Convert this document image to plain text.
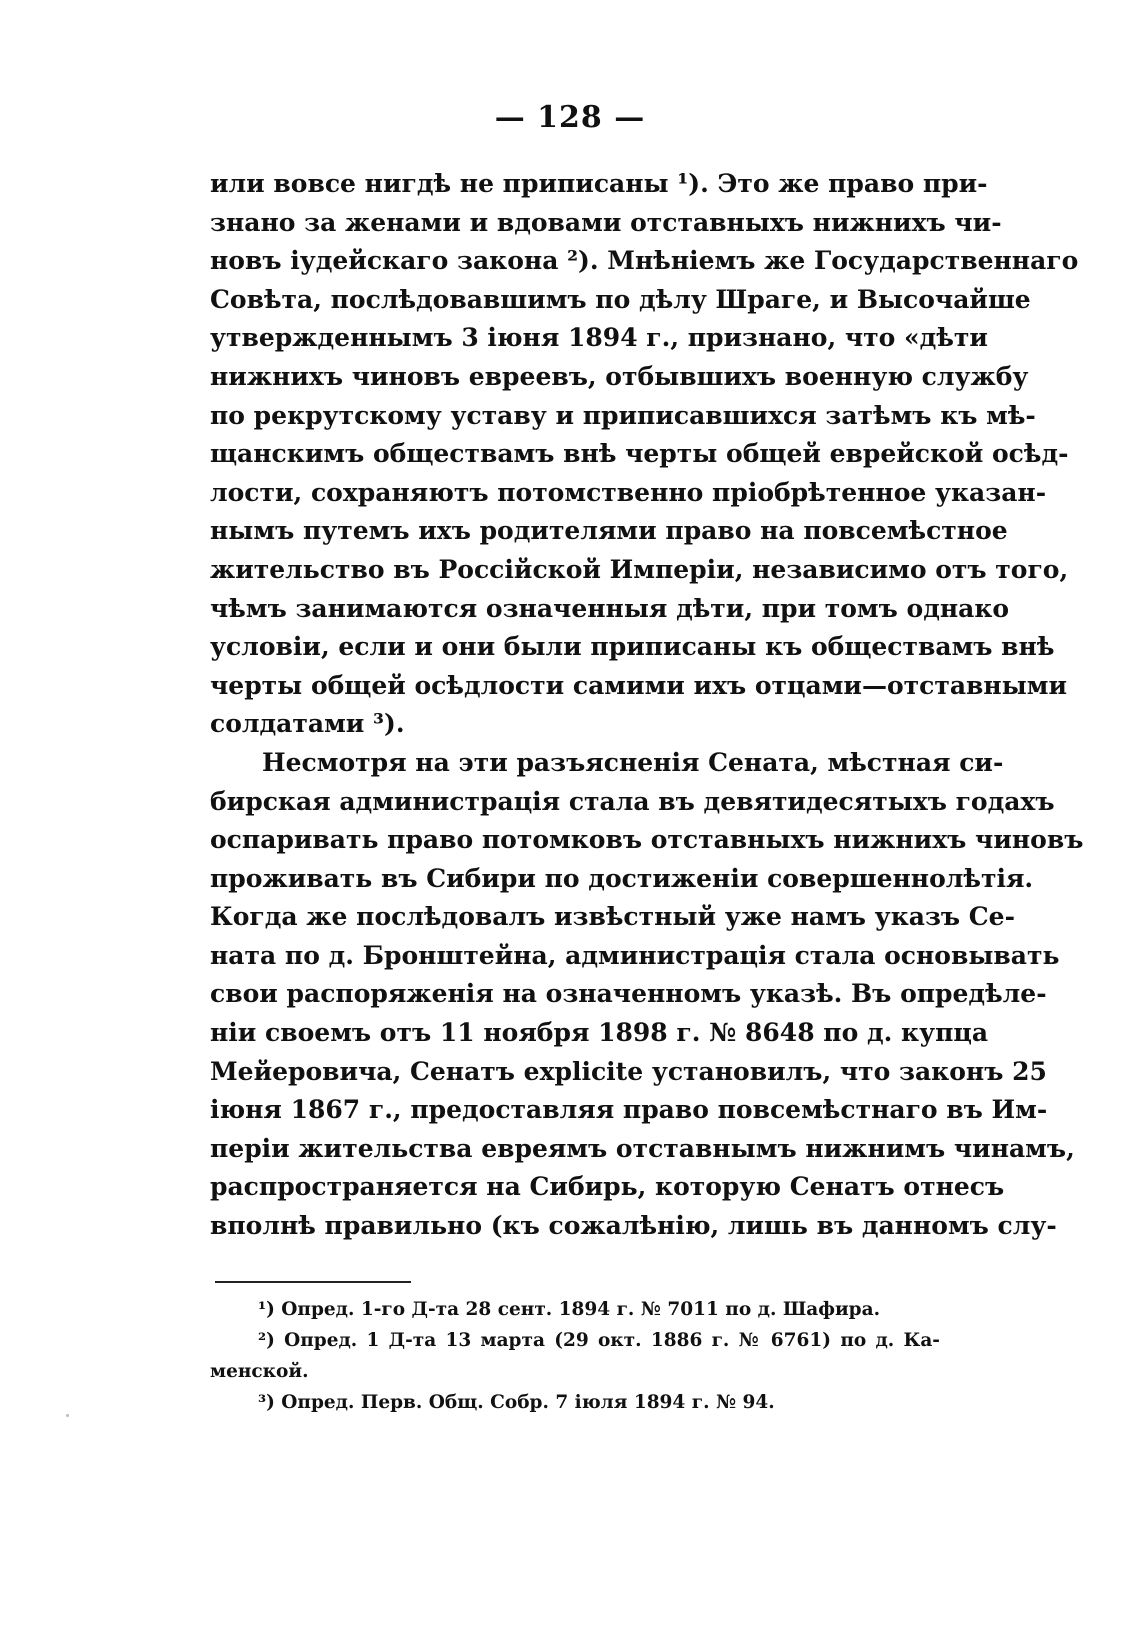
— 128 —
или вовсе нигдѣ не приписаны ¹). Это же право при-
знано за женами и вдовами отставныхъ нижнихъ чи-
новъ іудейскаго закона ²). Мнѣніемъ же Государственнаго
Совѣта, послѣдовавшимъ по дѣлу Шраге, и Высочайше
утвержденнымъ 3 іюня 1894 г., признано, что «дѣти
нижнихъ чиновъ евреевъ, отбывшихъ военную службу
по рекрутскому уставу и приписавшихся затѣмъ къ мѣ-
щанскимъ обществамъ внѣ черты общей еврейской осѣд-
лости, сохраняютъ потомственно пріобрѣтенное указан-
нымъ путемъ ихъ родителями право на повсемѣстное
жительство въ Россійской Имперіи, независимо отъ того,
чѣмъ занимаются означенныя дѣти, при томъ однако
условіи, если и они были приписаны къ обществамъ внѣ
черты общей осѣдлости самими ихъ отцами—отставными
солдатами ³).
Несмотря на эти разъясненія Сената, мѣстная си-
бирская администрація стала въ девятидесятыхъ годахъ
оспаривать право потомковъ отставныхъ нижнихъ чиновъ
проживать въ Сибири по достиженіи совершеннолѣтія.
Когда же послѣдовалъ извѣстный уже намъ указъ Се-
ната по д. Бронштейна, администрація стала основывать
свои распоряженія на означенномъ указѣ. Въ опредѣле-
ніи своемъ отъ 11 ноября 1898 г. № 8648 по д. купца
Мейеровича, Сенатъ explicite установилъ, что законъ 25
іюня 1867 г., предоставляя право повсемѣстнаго въ Им-
періи жительства евреямъ отставнымъ нижнимъ чинамъ,
распространяется на Сибирь, которую Сенатъ отнесъ
вполнѣ правильно (къ сожалѣнію, лишь въ данномъ слу-
¹) Опред. 1-го Д-та 28 сент. 1894 г. № 7011 по д. Шафира.
²) Опред. 1 Д-та 13 марта (29 окт. 1886 г. № 6761) по д. Ка-
менской.
³) Опред. Перв. Общ. Собр. 7 іюля 1894 г. № 94.
